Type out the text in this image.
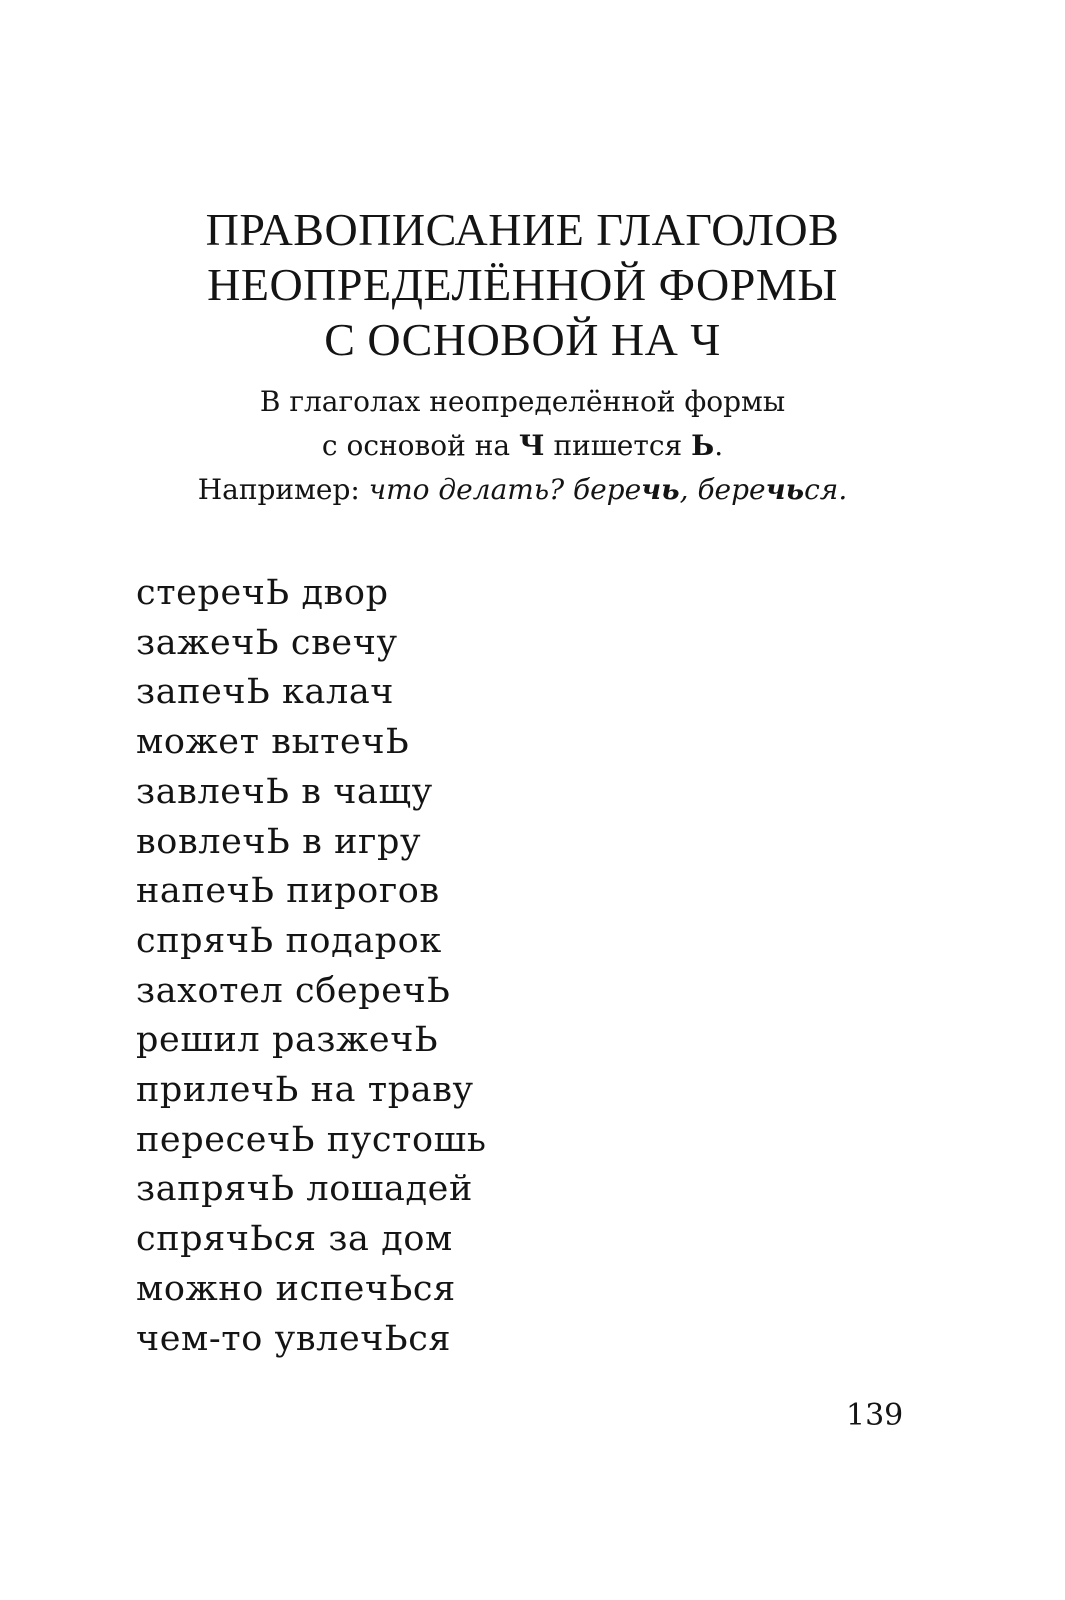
ПРАВОПИСАНИЕ ГЛАГОЛОВ
НЕОПРЕДЕЛЁННОЙ ФОРМЫ
С ОСНОВОЙ НА Ч
В глаголах неопределённой формы
с основой на Ч пишется Ь.
Например: что делать? беречь, беречься.
стеречЬ двор
зажечЬ свечу
запечЬ калач
может вытечЬ
завлечЬ в чащу
вовлечЬ в игру
напечЬ пирогов
спрячЬ подарок
захотел сберечЬ
решил разжечЬ
прилечЬ на траву
пересечЬ пустошь
запрячЬ лошадей
спрячЬся за дом
можно испечЬся
чем-то увлечЬся
139
